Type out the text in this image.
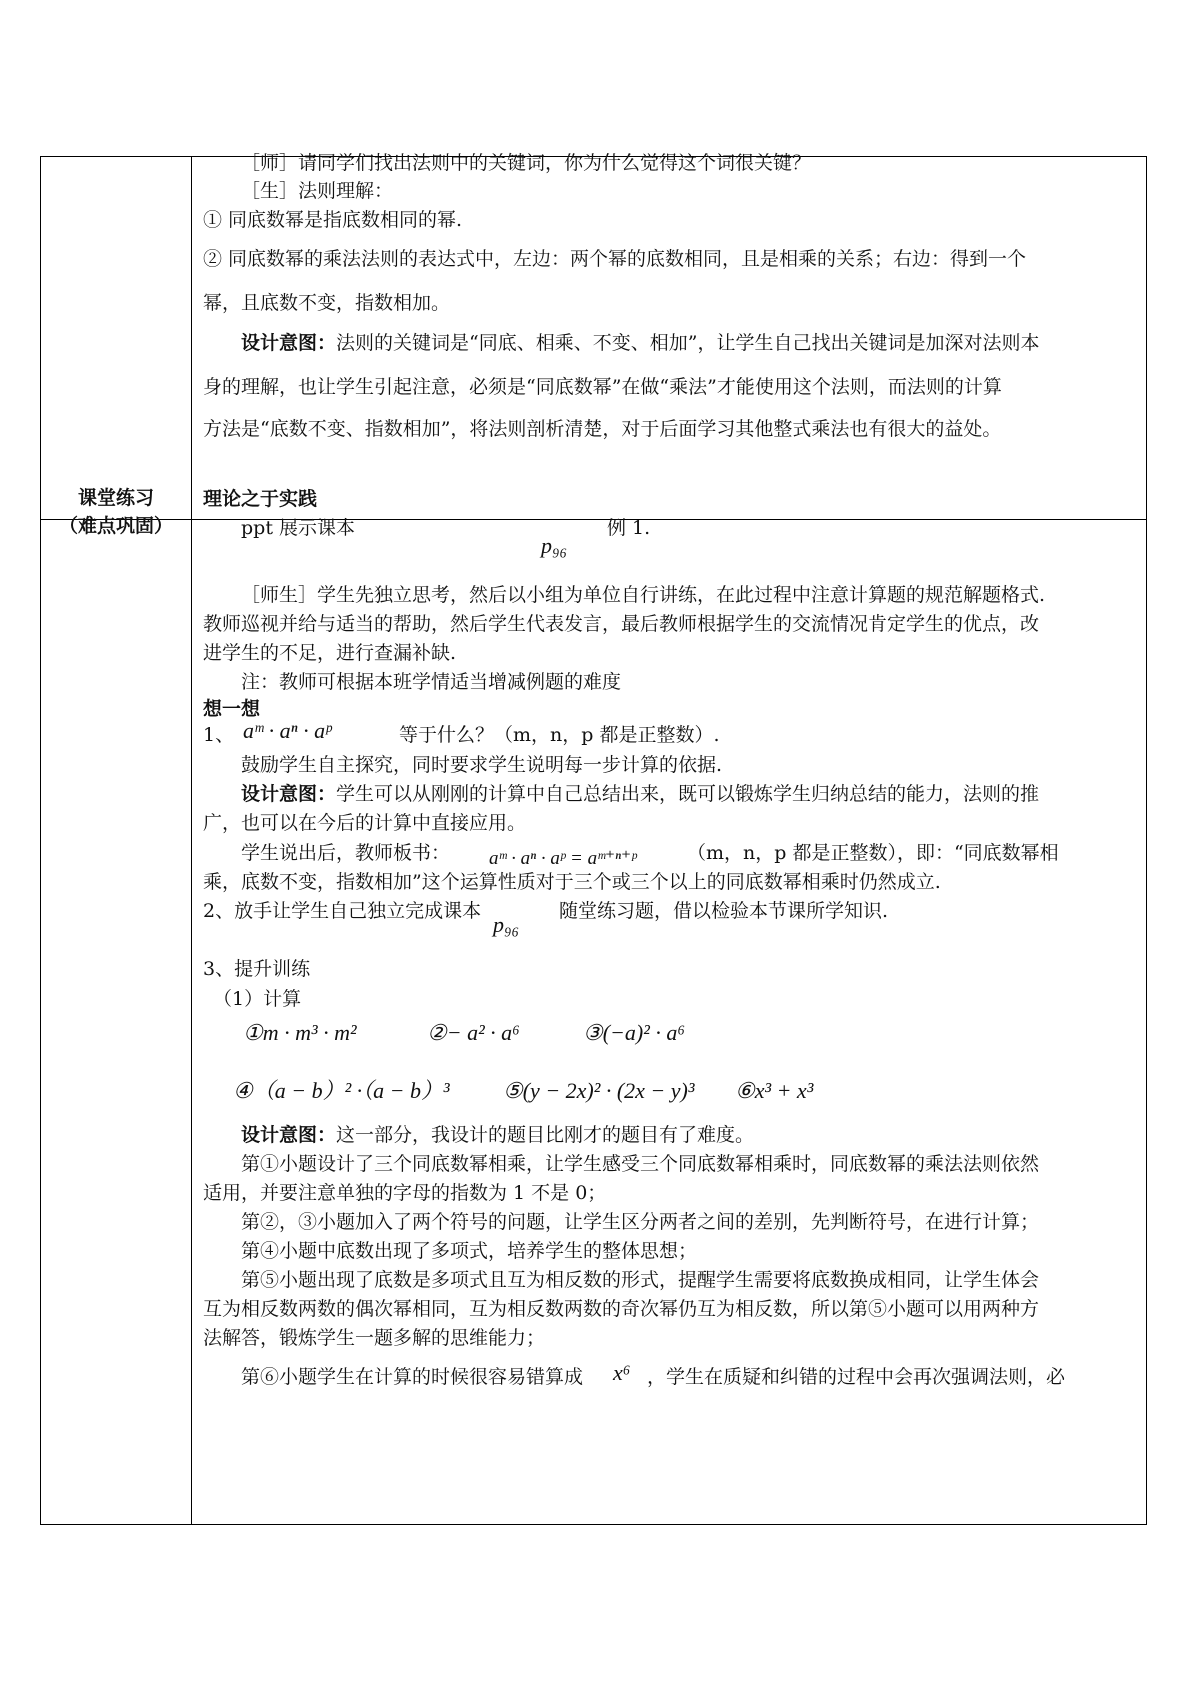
［师］请同学们找出法则中的关键词，你为什么觉得这个词很关键？
［生］法则理解：
① 同底数幂是指底数相同的幂.
② 同底数幂的乘法法则的表达式中，左边：两个幂的底数相同，且是相乘的关系；右边：得到一个
幂，且底数不变，指数相加。
设计意图：法则的关键词是“同底、相乘、不变、相加”，让学生自己找出关键词是加深对法则本
身的理解，也让学生引起注意，必须是“同底数幂”在做“乘法”才能使用这个法则，而法则的计算
方法是“底数不变、指数相加”，将法则剖析清楚，对于后面学习其他整式乘法也有很大的益处。
课堂练习
（难点巩固）
理论之于实践
ppt 展示课本
p₉₆
例 1.
［师生］学生先独立思考，然后以小组为单位自行讲练，在此过程中注意计算题的规范解题格式.
教师巡视并给与适当的帮助，然后学生代表发言，最后教师根据学生的交流情况肯定学生的优点，改
进学生的不足，进行查漏补缺.
注：教师可根据本班学情适当增减例题的难度
想一想
1、 aᵐ · aⁿ · aᵖ	等于什么？（m，n，p 都是正整数）.
鼓励学生自主探究，同时要求学生说明每一步计算的依据.
设计意图：学生可以从刚刚的计算中自己总结出来，既可以锻炼学生归纳总结的能力，法则的推
广，也可以在今后的计算中直接应用。
学生说出后，教师板书： aᵐ · aⁿ · aᵖ = aᵐ⁺ⁿ⁺ᵖ	（m，n，p 都是正整数），即：“同底数幂相
乘，底数不变，指数相加”这个运算性质对于三个或三个以上的同底数幂相乘时仍然成立.
2、放手让学生自己独立完成课本
p₉₆
随堂练习题，借以检验本节课所学知识.
3、提升训练
（1）计算
①m · m³ · m²	②− a² · a⁶	③(−a)² · a⁶
④（a − b）² ·（a − b）³ ⑤(y − 2x)² · (2x − y)³ ⑥x³ + x³
设计意图：这一部分，我设计的题目比刚才的题目有了难度。
第①小题设计了三个同底数幂相乘，让学生感受三个同底数幂相乘时，同底数幂的乘法法则依然
适用，并要注意单独的字母的指数为 1 不是 0；
第②，③小题加入了两个符号的问题，让学生区分两者之间的差别，先判断符号，在进行计算；
第④小题中底数出现了多项式，培养学生的整体思想；
第⑤小题出现了底数是多项式且互为相反数的形式，提醒学生需要将底数换成相同，让学生体会
互为相反数两数的偶次幂相同，互为相反数两数的奇次幂仍互为相反数，所以第⑤小题可以用两种方
法解答，锻炼学生一题多解的思维能力；
第⑥小题学生在计算的时候很容易错算成 x⁶ ，学生在质疑和纠错的过程中会再次强调法则，必
